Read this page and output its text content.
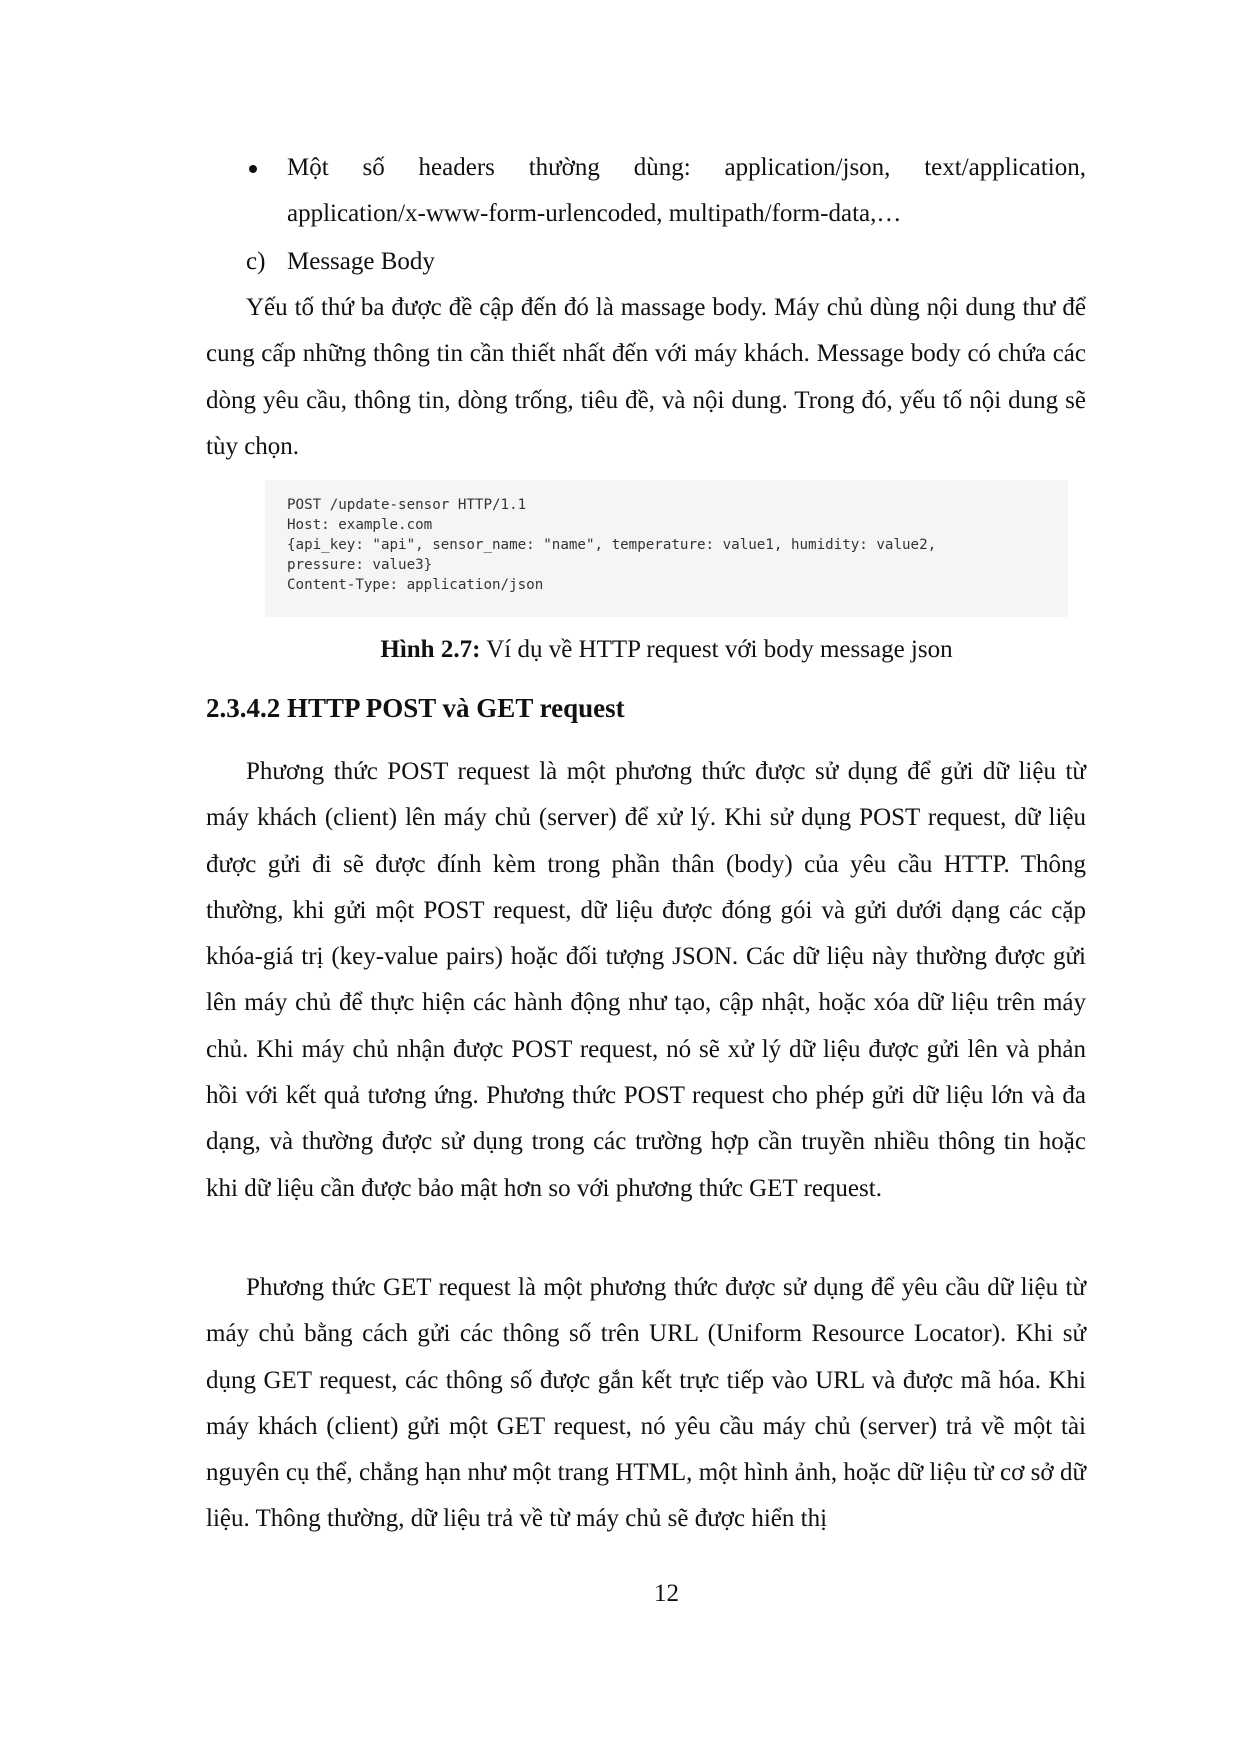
Một số headers thường dùng: application/json, text/application,
application/x-www-form-urlencoded, multipath/form-data,…
c) Message Body

Yếu tố thứ ba được đề cập đến đó là massage body. Máy chủ dùng nội dung thư để cung cấp những thông tin cần thiết nhất đến với máy khách. Message body có chứa các dòng yêu cầu, thông tin, dòng trống, tiêu đề, và nội dung. Trong đó, yếu tố nội dung sẽ tùy chọn.

POST /update-sensor HTTP/1.1
Host: example.com
{api_key: "api", sensor_name: "name", temperature: value1, humidity: value2,
pressure: value3}
Content-Type: application/json
Hình 2.7: Ví dụ về HTTP request với body message json
2.3.4.2 HTTP POST và GET request

Phương thức POST request là một phương thức được sử dụng để gửi dữ liệu từ máy khách (client) lên máy chủ (server) để xử lý. Khi sử dụng POST request, dữ liệu được gửi đi sẽ được đính kèm trong phần thân (body) của yêu cầu HTTP. Thông thường, khi gửi một POST request, dữ liệu được đóng gói và gửi dưới dạng các cặp khóa-giá trị (key-value pairs) hoặc đối tượng JSON. Các dữ liệu này thường được gửi lên máy chủ để thực hiện các hành động như tạo, cập nhật, hoặc xóa dữ liệu trên máy chủ. Khi máy chủ nhận được POST request, nó sẽ xử lý dữ liệu được gửi lên và phản hồi với kết quả tương ứng. Phương thức POST request cho phép gửi dữ liệu lớn và đa dạng, và thường được sử dụng trong các trường hợp cần truyền nhiều thông tin hoặc khi dữ liệu cần được bảo mật hơn so với phương thức GET request.

Phương thức GET request là một phương thức được sử dụng để yêu cầu dữ liệu từ máy chủ bằng cách gửi các thông số trên URL (Uniform Resource Locator). Khi sử dụng GET request, các thông số được gắn kết trực tiếp vào URL và được mã hóa. Khi máy khách (client) gửi một GET request, nó yêu cầu máy chủ (server) trả về một tài nguyên cụ thể, chẳng hạn như một trang HTML, một hình ảnh, hoặc dữ liệu từ cơ sở dữ liệu. Thông thường, dữ liệu trả về từ máy chủ sẽ được hiển thị

12
